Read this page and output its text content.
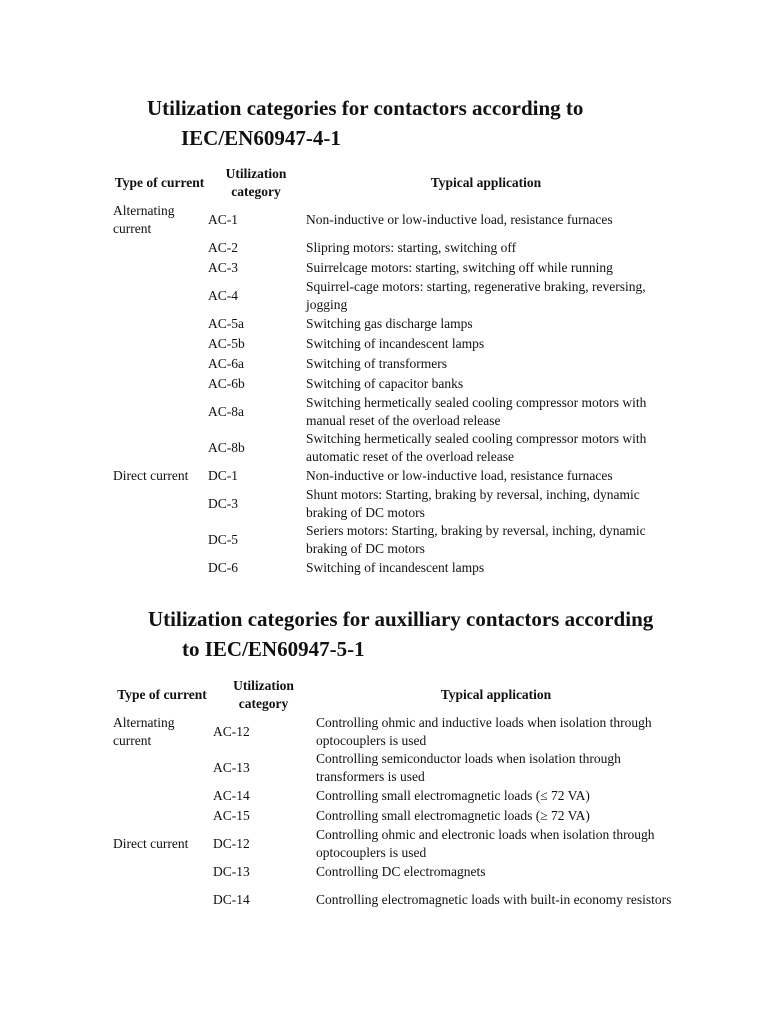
Utilization categories for contactors according to IEC/EN60947-4-1
Type of current	Utilization category	Typical application
Alternating current	AC-1	Non-inductive or low-inductive load, resistance furnaces
	AC-2	Slipring motors: starting, switching off
	AC-3	Suirrelcage motors: starting, switching off while running
	AC-4	Squirrel-cage motors: starting, regenerative braking, reversing, jogging
	AC-5a	Switching gas discharge lamps
	AC-5b	Switching of incandescent lamps
	AC-6a	Switching of transformers
	AC-6b	Switching of capacitor banks
	AC-8a	Switching hermetically sealed cooling compressor motors with manual reset of the overload release
	AC-8b	Switching hermetically sealed cooling compressor motors with automatic reset of the overload release
Direct current	DC-1	Non-inductive or low-inductive load, resistance furnaces
	DC-3	Shunt motors: Starting, braking by reversal, inching, dynamic braking of DC motors
	DC-5	Seriers motors: Starting, braking by reversal, inching, dynamic braking of DC motors
	DC-6	Switching of incandescent lamps
Utilization categories for auxilliary contactors according to IEC/EN60947-5-1
Type of current	Utilization category	Typical application
Alternating current	AC-12	Controlling ohmic and inductive loads when isolation through optocouplers is used
	AC-13	Controlling semiconductor loads when isolation through transformers is used
	AC-14	Controlling small electromagnetic loads (≤ 72 VA)
	AC-15	Controlling small electromagnetic loads (≥ 72 VA)
Direct current	DC-12	Controlling ohmic and electronic loads when isolation through optocouplers is used
	DC-13	Controlling DC electromagnets
	DC-14	Controlling electromagnetic loads with built-in economy resistors
